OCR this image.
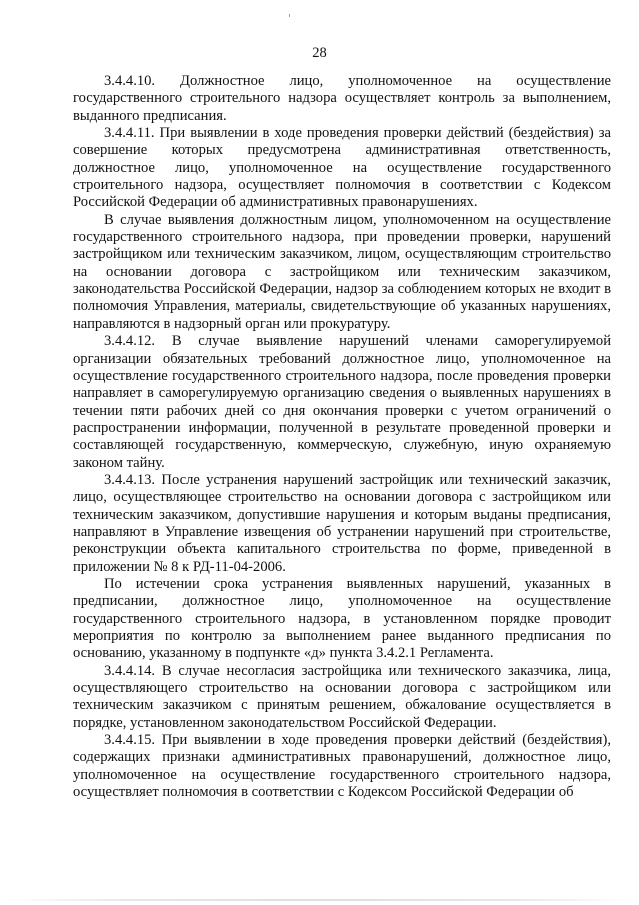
28

3.4.4.10. Должностное лицо, уполномоченное на осуществление государственного строительного надзора осуществляет контроль за выполнением, выданного предписания.

3.4.4.11. При выявлении в ходе проведения проверки действий (бездействия) за совершение которых предусмотрена административная ответственность, должностное лицо, уполномоченное на осуществление государственного строительного надзора, осуществляет полномочия в соответствии с Кодексом Российской Федерации об административных правонарушениях.

В случае выявления должностным лицом, уполномоченном на осуществление государственного строительного надзора, при проведении проверки, нарушений застройщиком или техническим заказчиком, лицом, осуществляющим строительство на основании договора с застройщиком или техническим заказчиком, законодательства Российской Федерации, надзор за соблюдением которых не входит в полномочия Управления, материалы, свидетельствующие об указанных нарушениях, направляются в надзорный орган или прокуратуру.

3.4.4.12. В случае выявление нарушений членами саморегулируемой организации обязательных требований должностное лицо, уполномоченное на осуществление государственного строительного надзора, после проведения проверки направляет в саморегулируемую организацию сведения о выявленных нарушениях в течении пяти рабочих дней со дня окончания проверки с учетом ограничений о распространении информации, полученной в результате проведенной проверки и составляющей государственную, коммерческую, служебную, иную охраняемую законом тайну.

3.4.4.13. После устранения нарушений застройщик или технический заказчик, лицо, осуществляющее строительство на основании договора с застройщиком или техническим заказчиком, допустившие нарушения и которым выданы предписания, направляют в Управление извещения об устранении нарушений при строительстве, реконструкции объекта капитального строительства по форме, приведенной в приложении № 8 к РД-11-04-2006.

По истечении срока устранения выявленных нарушений, указанных в предписании, должностное лицо, уполномоченное на осуществление государственного строительного надзора, в установленном порядке проводит мероприятия по контролю за выполнением ранее выданного предписания по основанию, указанному в подпункте «д» пункта 3.4.2.1 Регламента.

3.4.4.14. В случае несогласия застройщика или технического заказчика, лица, осуществляющего строительство на основании договора с застройщиком или техническим заказчиком с принятым решением, обжалование осуществляется в порядке, установленном законодательством Российской Федерации.

3.4.4.15. При выявлении в ходе проведения проверки действий (бездействия), содержащих признаки административных правонарушений, должностное лицо, уполномоченное на осуществление государственного строительного надзора, осуществляет полномочия в соответствии с Кодексом Российской Федерации об
